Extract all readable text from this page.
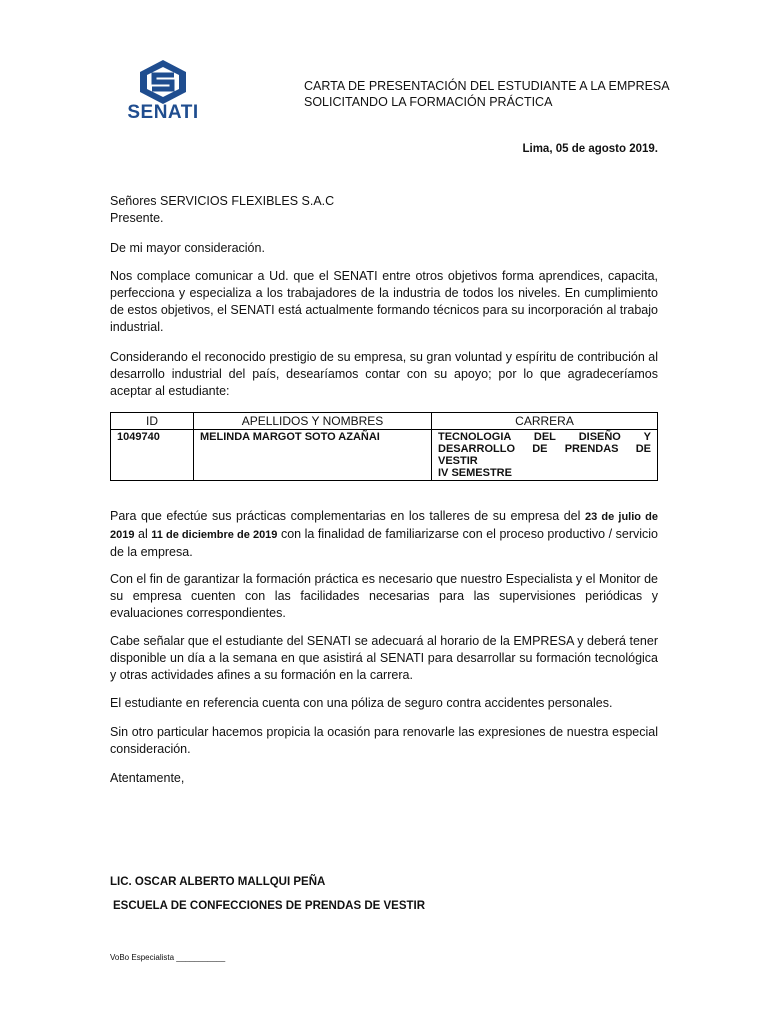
SENATI
CARTA DE PRESENTACIÓN DEL ESTUDIANTE A LA EMPRESA
SOLICITANDO LA FORMACIÓN PRÁCTICA
Lima, 05 de agosto 2019.
Señores SERVICIOS FLEXIBLES S.A.C
Presente.

De mi mayor consideración.

Nos complace comunicar a Ud. que el SENATI entre otros objetivos forma aprendices, capacita, perfecciona y especializa a los trabajadores de la industria de todos los niveles. En cumplimiento de estos objetivos, el SENATI está actualmente formando técnicos para su incorporación al trabajo industrial.

Considerando el reconocido prestigio de su empresa, su gran voluntad y espíritu de contribución al desarrollo industrial del país, desearíamos contar con su apoyo; por lo que agradeceríamos aceptar al estudiante:

ID	APELLIDOS Y NOMBRES	CARRERA
1049740	MELINDA MARGOT SOTO AZAÑAI	TECNOLOGIA DEL DISEÑO Y DESARROLLO DE PRENDAS DE VESTIR
IV SEMESTRE

Para que efectúe sus prácticas complementarias en los talleres de su empresa del 23 de julio de 2019 al 11 de diciembre de 2019 con la finalidad de familiarizarse con el proceso productivo / servicio de la empresa.

Con el fin de garantizar la formación práctica es necesario que nuestro Especialista y el Monitor de su empresa cuenten con las facilidades necesarias para las supervisiones periódicas y evaluaciones correspondientes.

Cabe señalar que el estudiante del SENATI se adecuará al horario de la EMPRESA y deberá tener disponible un día a la semana en que asistirá al SENATI para desarrollar su formación tecnológica y otras actividades afines a su formación en la carrera.

El estudiante en referencia cuenta con una póliza de seguro contra accidentes personales.

Sin otro particular hacemos propicia la ocasión para renovarle las expresiones de nuestra especial consideración.

Atentamente,

LIC. OSCAR ALBERTO MALLQUI PEÑA
ESCUELA DE CONFECCIONES DE PRENDAS DE VESTIR
VoBo Especialista ___________
